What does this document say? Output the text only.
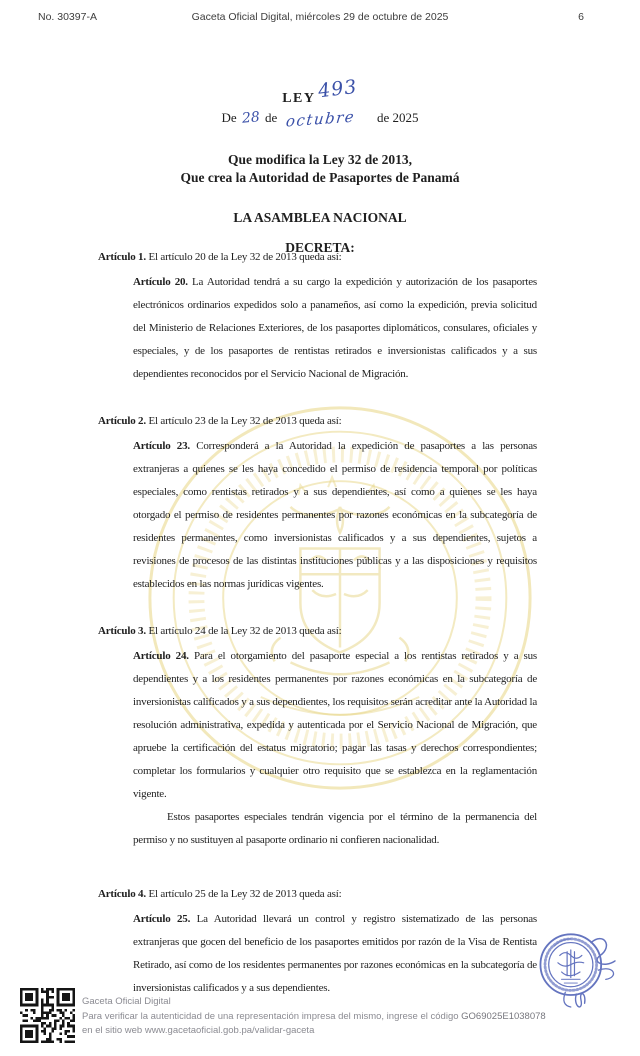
No. 30397-A	Gaceta Oficial Digital, miércoles 29 de octubre de 2025	6
LEY493
De 28 de octubre de 2025
Que modifica la Ley 32 de 2013,
Que crea la Autoridad de Pasaportes de Panamá
LA ASAMBLEA NACIONAL
DECRETA:

Artículo 1. El artículo 20 de la Ley 32 de 2013 queda así:

Artículo 20. La Autoridad tendrá a su cargo la expedición y autorización de los pasaportes electrónicos ordinarios expedidos solo a panameños, así como la expedición, previa solicitud del Ministerio de Relaciones Exteriores, de los pasaportes diplomáticos, consulares, oficiales y especiales, y de los pasaportes de rentistas retirados e inversionistas calificados y a sus dependientes reconocidos por el Servicio Nacional de Migración.

Artículo 2. El artículo 23 de la Ley 32 de 2013 queda así:

Artículo 23. Corresponderá a la Autoridad la expedición de pasaportes a las personas extranjeras a quienes se les haya concedido el permiso de residencia temporal por políticas especiales, como rentistas retirados y a sus dependientes, así como a quienes se les haya otorgado el permiso de residentes permanentes por razones económicas en la subcategoría de residentes permanentes, como inversionistas calificados y a sus dependientes, sujetos a revisiones de procesos de las distintas instituciones públicas y a las disposiciones y requisitos establecidos en las normas jurídicas vigentes.

Artículo 3. El artículo 24 de la Ley 32 de 2013 queda así:

Artículo 24. Para el otorgamiento del pasaporte especial a los rentistas retirados y a sus dependientes y a los residentes permanentes por razones económicas en la subcategoría de inversionistas calificados y a sus dependientes, los requisitos serán acreditar ante la Autoridad la resolución administrativa, expedida y autenticada por el Servicio Nacional de Migración, que apruebe la certificación del estatus migratorio; pagar las tasas y derechos correspondientes; completar los formularios y cualquier otro requisito que se establezca en la reglamentación vigente.

Estos pasaportes especiales tendrán vigencia por el término de la permanencia del permiso y no sustituyen al pasaporte ordinario ni confieren nacionalidad.

Artículo 4. El artículo 25 de la Ley 32 de 2013 queda así:

Artículo 25. La Autoridad llevará un control y registro sistematizado de las personas extranjeras que gocen del beneficio de los pasaportes emitidos por razón de la Visa de Rentista Retirado, así como de los residentes permanentes por razones económicas en la subcategoría de inversionistas calificados y a sus dependientes.

Gaceta Oficial Digital
Para verificar la autenticidad de una representación impresa del mismo, ingrese el código GO69025E1038078
en el sitio web www.gacetaoficial.gob.pa/validar-gaceta
